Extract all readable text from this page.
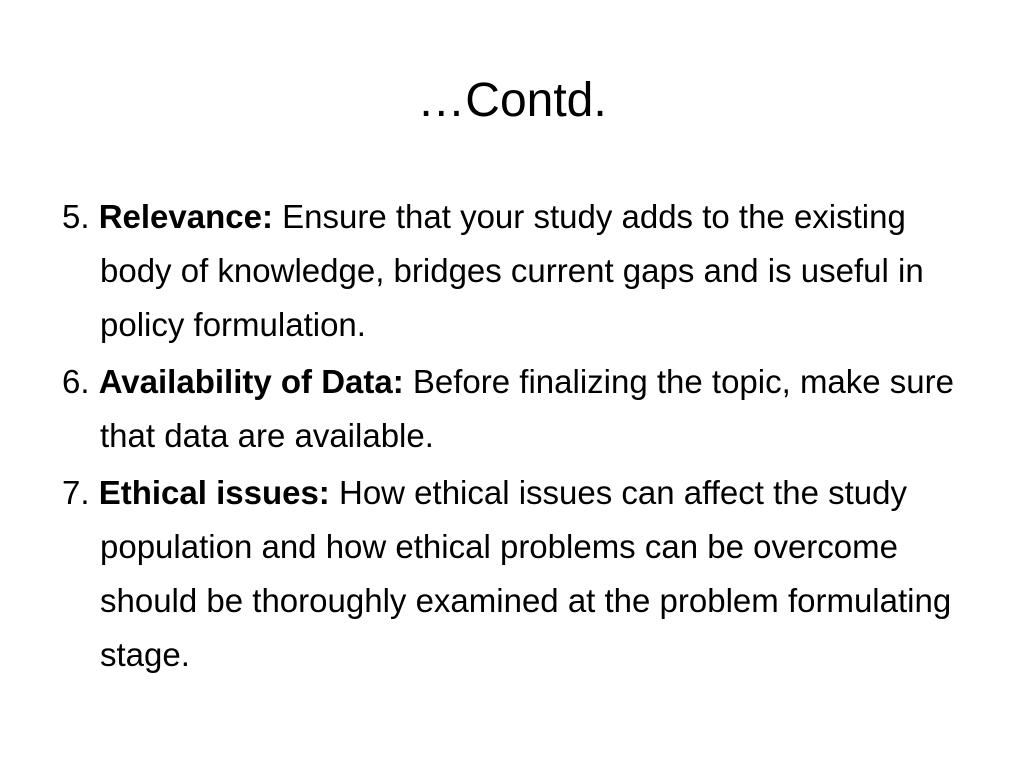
…Contd.
5. Relevance: Ensure that your study adds to the existing body of knowledge, bridges current gaps and is useful in policy formulation.
6. Availability of Data: Before finalizing the topic, make sure that data are available.
7. Ethical issues: How ethical issues can affect the study population and how ethical problems can be overcome should be thoroughly examined at the problem formulating stage.
